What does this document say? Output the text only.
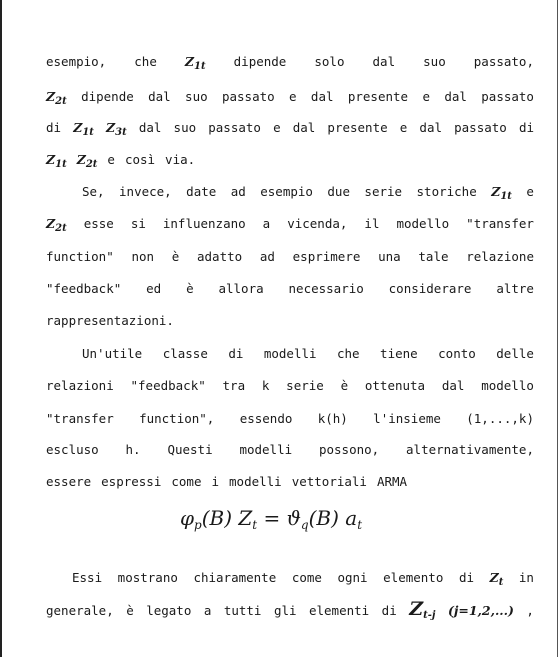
esempio, che $Z_{1t}$ dipende solo dal suo passato,
$Z_{2t}$ dipende dal suo passato e dal presente e dal passato
di $Z_{1t}$ $Z_{3t}$ dal suo passato e dal presente e dal passato di
$Z_{1t}$ $Z_{2t}$ e così via.
Se, invece, date ad esempio due serie storiche $Z_{1t}$ e
$Z_{2t}$ esse si influenzano a vicenda, il modello "transfer
function" non è adatto ad esprimere una tale relazione
"feedback" ed è allora necessario considerare altre
rappresentazioni.
Un'utile classe di modelli che tiene conto delle
relazioni "feedback" tra k serie è ottenuta dal modello
"transfer function", essendo k(h) l'insieme (1,...,k)
escluso h. Questi modelli possono, alternativamente,
essere espressi come i modelli vettoriali ARMA
$\varphi_p(B) Z_t = ϑ_q(B)$ $a_t$
Essi mostrano chiaramente come ogni elemento di $Z_t$ in
generale, è legato a tutti gli elementi di $Z_{t-j}$ (j=1,2,...) ,
